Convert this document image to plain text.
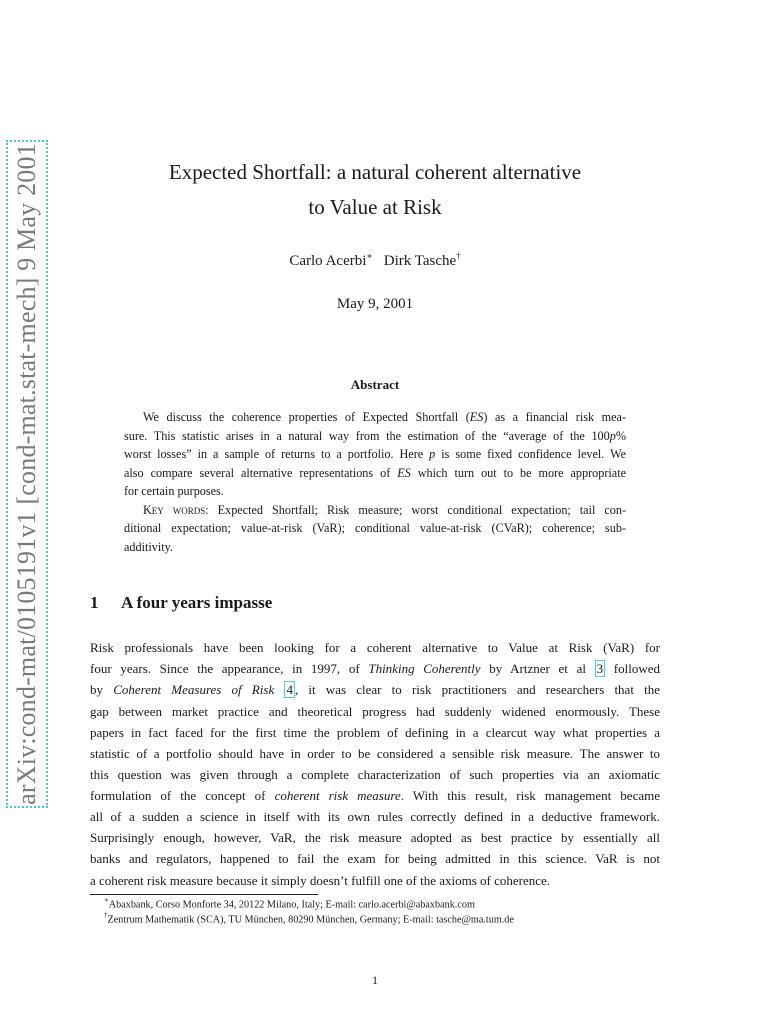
arXiv:cond-mat/0105191v1 [cond-mat.stat-mech] 9 May 2001	Expected Shortfall: a natural coherent alternative
to Value at Risk
Carlo Acerbi∗ Dirk Tasche†
May 9, 2001
Abstract
We discuss the coherence properties of Expected Shortfall (ES) as a financial risk mea-
sure. This statistic arises in a natural way from the estimation of the “average of the 100p%
worst losses” in a sample of returns to a portfolio. Here p is some fixed confidence level. We
also compare several alternative representations of ES which turn out to be more appropriate
for certain purposes.
Key words: Expected Shortfall; Risk measure; worst conditional expectation; tail con-
ditional expectation; value-at-risk (VaR); conditional value-at-risk (CVaR); coherence; sub-
additivity.
1 A four years impasse
Risk professionals have been looking for a coherent alternative to Value at Risk (VaR) for
four years. Since the appearance, in 1997, of Thinking Coherently by Artzner et al 3 followed
by Coherent Measures of Risk 4 , it was clear to risk practitioners and researchers that the
gap between market practice and theoretical progress had suddenly widened enormously. These
papers in fact faced for the first time the problem of defining in a clearcut way what properties a
statistic of a portfolio should have in order to be considered a sensible risk measure. The answer to
this question was given through a complete characterization of such properties via an axiomatic
formulation of the concept of coherent risk measure. With this result, risk management became
all of a sudden a science in itself with its own rules correctly defined in a deductive framework.
Surprisingly enough, however, VaR, the risk measure adopted as best practice by essentially all
banks and regulators, happened to fail the exam for being admitted in this science. VaR is not
a coherent risk measure because it simply doesn’t fulfill one of the axioms of coherence.
∗Abaxbank, Corso Monforte 34, 20122 Milano, Italy; E-mail: carlo.acerbi@abaxbank.com
†Zentrum Mathematik (SCA), TU München, 80290 München, Germany; E-mail: tasche@ma.tum.de
1
